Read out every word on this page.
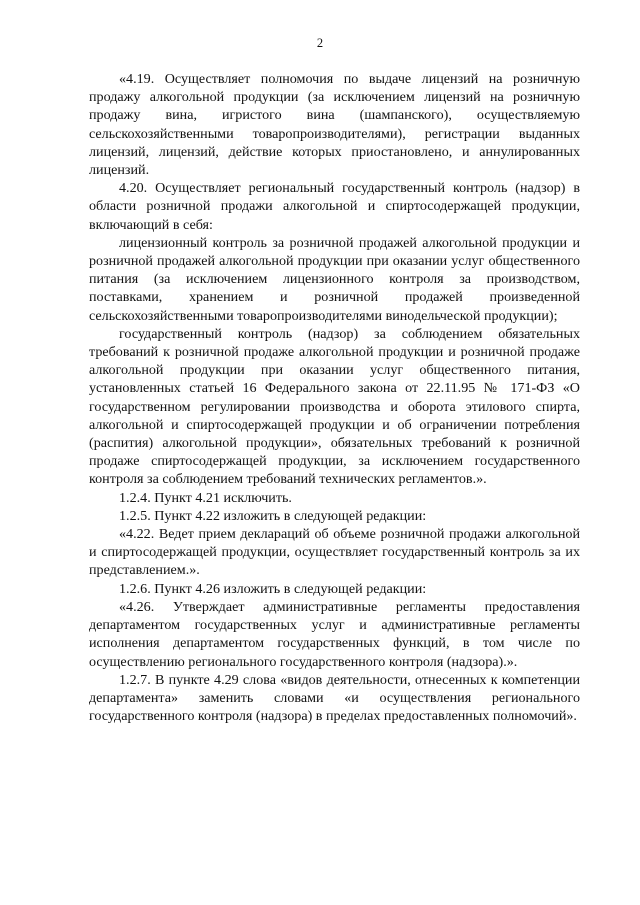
2

«4.19. Осуществляет полномочия по выдаче лицензий на розничную продажу алкогольной продукции (за исключением лицензий на розничную продажу вина, игристого вина (шампанского), осуществляемую сельскохозяйственными товаропроизводителями), регистрации выданных лицензий, лицензий, действие которых приостановлено, и аннулированных лицензий.

4.20. Осуществляет региональный государственный контроль (надзор) в области розничной продажи алкогольной и спиртосодержащей продукции, включающий в себя:

лицензионный контроль за розничной продажей алкогольной продукции и розничной продажей алкогольной продукции при оказании услуг общественного питания (за исключением лицензионного контроля за производством, поставками, хранением и розничной продажей произведенной сельскохозяйственными товаропроизводителями винодельческой продукции);

государственный контроль (надзор) за соблюдением обязательных требований к розничной продаже алкогольной продукции и розничной продаже алкогольной продукции при оказании услуг общественного питания, установленных статьей 16 Федерального закона от 22.11.95 № 171-ФЗ «О государственном регулировании производства и оборота этилового спирта, алкогольной и спиртосодержащей продукции и об ограничении потребления (распития) алкогольной продукции», обязательных требований к розничной продаже спиртосодержащей продукции, за исключением государственного контроля за соблюдением требований технических регламентов.».

1.2.4. Пункт 4.21 исключить.

1.2.5. Пункт 4.22 изложить в следующей редакции:

«4.22. Ведет прием деклараций об объеме розничной продажи алкогольной и спиртосодержащей продукции, осуществляет государственный контроль за их представлением.».

1.2.6. Пункт 4.26 изложить в следующей редакции:

«4.26. Утверждает административные регламенты предоставления департаментом государственных услуг и административные регламенты исполнения департаментом государственных функций, в том числе по осуществлению регионального государственного контроля (надзора).».

1.2.7. В пункте 4.29 слова «видов деятельности, отнесенных к компетенции департамента» заменить словами «и осуществления регионального государственного контроля (надзора) в пределах предоставленных полномочий».
